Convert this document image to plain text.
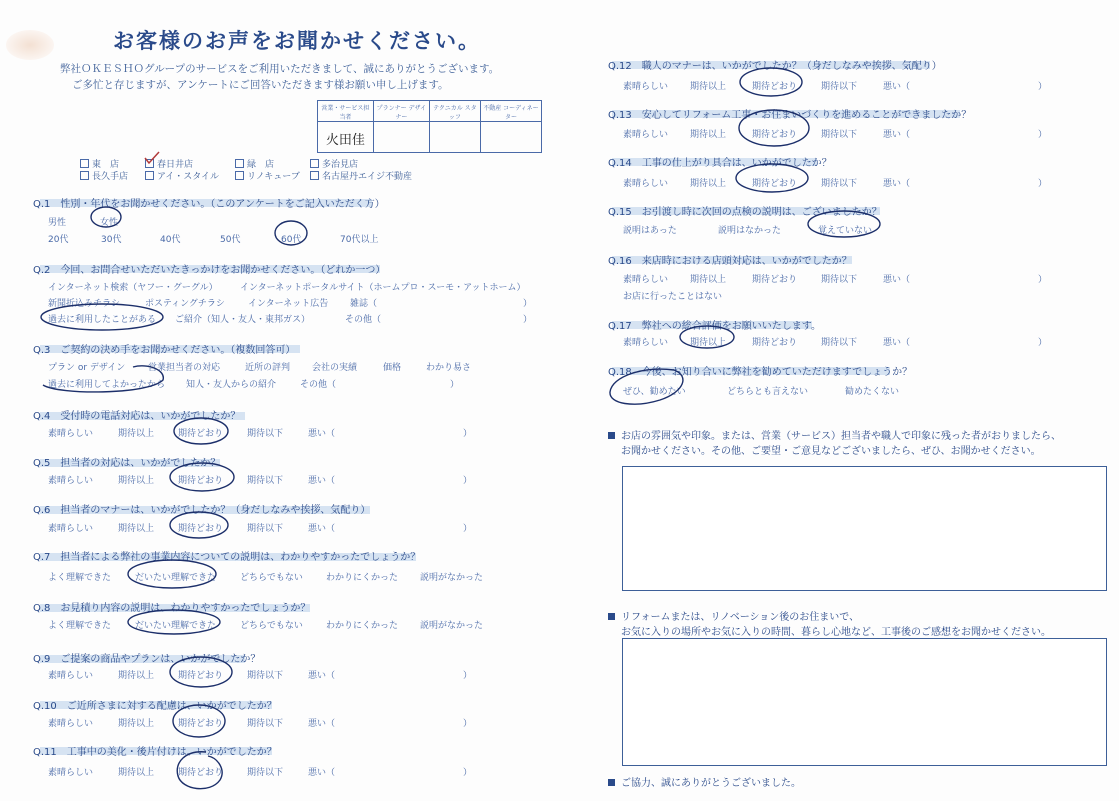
お客様のお声をお聞かせください。
弊社ＯＫＥＳＨＯグループのサービスをご利用いただきまして、誠にありがとうございます。
ご多忙と存じますが、アンケートにご回答いただきます様お願い申し上げます。
営業・サービス担当者	プランナー デザイナー	テクニカル スタッフ	不動産 コーディネーター
火田佳			
東　店	春日井店	緑　店	多治見店
長久手店	アイ・スタイル	リノキューブ	名古屋丹エイジ不動産
Q.1　性別・年代をお聞かせください。（このアンケートをご記入いただく方）
男性	女性
20代	30代	40代	50代	60代	70代以上
Q.2　今回、お問合せいただいたきっかけをお聞かせください。（どれか一つ）
インターネット検索（ヤフー・グーグル） インターネットポータルサイト（ホームプロ・スーモ・アットホーム）
新聞折込みチラシ	ポスティングチラシ	インターネット広告 雑誌（	）
過去に利用したことがある ご紹介（知人・友人・東邦ガス）	その他（	）
Q.3　ご契約の決め手をお聞かせください。（複数回答可）
プラン or デザイン	営業担当者の対応	近所の評判 会社の実績	価格	わかり易さ
過去に利用してよかったから 知人・友人からの紹介	その他（	）
Q.4　受付時の電話対応は、いかがでしたか？
素晴らしい	期待以上	期待どおり	期待以下	悪い（	）
Q.5　担当者の対応は、いかがでしたか？
素晴らしい	期待以上	期待どおり	期待以下	悪い（	）
Q.6　担当者のマナーは、いかがでしたか？（身だしなみや挨拶、気配り）
素晴らしい	期待以上	期待どおり	期待以下	悪い（	）
Q.7　担当者による弊社の事業内容についての説明は、わかりやすかったでしょうか？
よく理解できた	だいたい理解できた	どちらでもない	わかりにくかった 説明がなかった
Q.8　お見積り内容の説明は、わかりやすかったでしょうか？
よく理解できた	だいたい理解できた	どちらでもない	わかりにくかった 説明がなかった
Q.9　ご提案の商品やプランは、いかがでしたか？
素晴らしい	期待以上	期待どおり	期待以下	悪い（	）
Q.10　ご近所さまに対する配慮は、いかがでしたか？
素晴らしい	期待以上	期待どおり	期待以下	悪い（	）
Q.11　工事中の美化・後片付けは、いかがでしたか？
素晴らしい	期待以上	期待どおり	期待以下	悪い（	）
Q.12　職人のマナーは、いかがでしたか？（身だしなみや挨拶、気配り）
素晴らしい 期待以上	期待どおり	期待以下	悪い（	）
Q.13　安心してリフォーム工事・お住まいづくりを進めることができましたか？
素晴らしい 期待以上	期待どおり	期待以下	悪い（	）
Q.14　工事の仕上がり具合は、いかがでしたか？
素晴らしい 期待以上	期待どおり	期待以下	悪い（	）
Q.15　お引渡し時に次回の点検の説明は、ございましたか？
説明はあった	説明はなかった	覚えていない
Q.16　来店時における店頭対応は、いかがでしたか？
素晴らしい 期待以上	期待どおり	期待以下	悪い（	）
お店に行ったことはない
Q.17　弊社への総合評価をお願いいたします。
素晴らしい 期待以上	期待どおり	期待以下	悪い（	）
Q.18　今後、お知り合いに弊社を勧めていただけますでしょうか？
ぜひ、勧めたい	どちらとも言えない	勧めたくない
お店の雰囲気や印象。または、営業（サービス）担当者や職人で印象に残った者がおりましたら、
お聞かせください。その他、ご要望・ご意見などございましたら、ぜひ、お聞かせください。
リフォームまたは、リノベーション後のお住まいで、
お気に入りの場所やお気に入りの時間、暮らし心地など、工事後のご感想をお聞かせください。
ご協力、誠にありがとうございました。
